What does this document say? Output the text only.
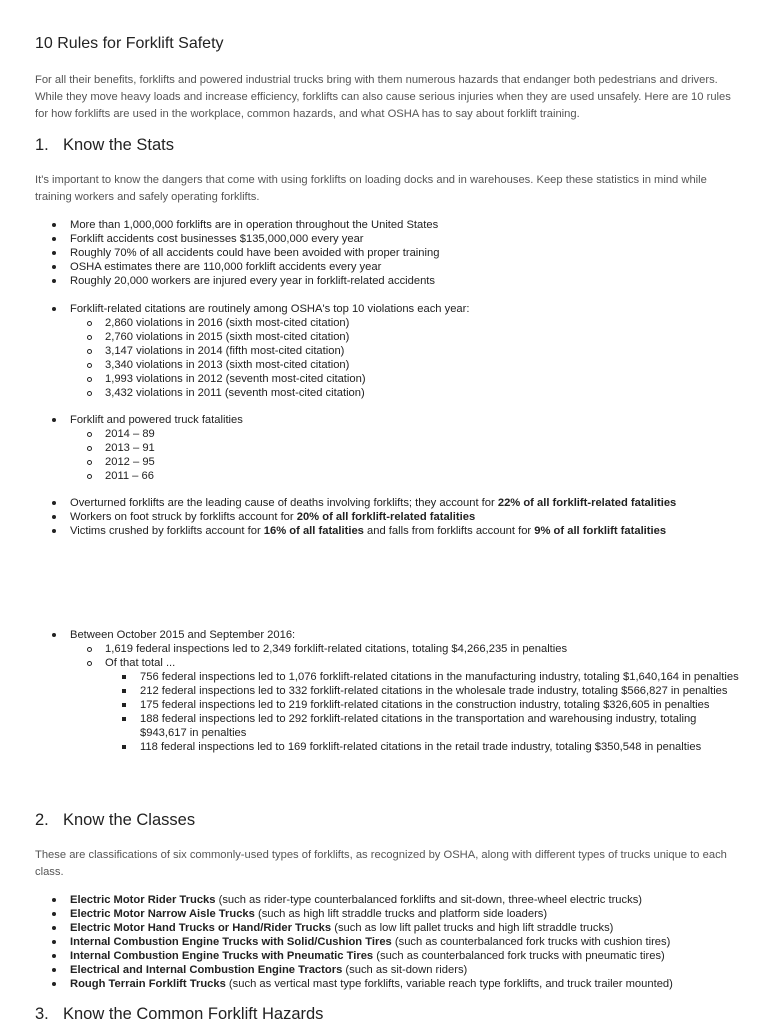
10 Rules for Forklift Safety

For all their benefits, forklifts and powered industrial trucks bring with them numerous hazards that endanger both pedestrians and drivers. While they move heavy loads and increase efficiency, forklifts can also cause serious injuries when they are used unsafely. Here are 10 rules for how forklifts are used in the workplace, common hazards, and what OSHA has to say about forklift training.

1. Know the Stats

It's important to know the dangers that come with using forklifts on loading docks and in warehouses. Keep these statistics in mind while training workers and safely operating forklifts.

More than 1,000,000 forklifts are in operation throughout the United States
Forklift accidents cost businesses $135,000,000 every year
Roughly 70% of all accidents could have been avoided with proper training
OSHA estimates there are 110,000 forklift accidents every year
Roughly 20,000 workers are injured every year in forklift-related accidents
Forklift-related citations are routinely among OSHA's top 10 violations each year:
2,860 violations in 2016 (sixth most-cited citation)
2,760 violations in 2015 (sixth most-cited citation)
3,147 violations in 2014 (fifth most-cited citation)
3,340 violations in 2013 (sixth most-cited citation)
1,993 violations in 2012 (seventh most-cited citation)
3,432 violations in 2011 (seventh most-cited citation)
Forklift and powered truck fatalities
2014 – 89
2013 – 91
2012 – 95
2011 – 66
Overturned forklifts are the leading cause of deaths involving forklifts; they account for 22% of all forklift-related fatalities
Workers on foot struck by forklifts account for 20% of all forklift-related fatalities
Victims crushed by forklifts account for 16% of all fatalities and falls from forklifts account for 9% of all forklift fatalities
Between October 2015 and September 2016:
1,619 federal inspections led to 2,349 forklift-related citations, totaling $4,266,235 in penalties
Of that total ...
756 federal inspections led to 1,076 forklift-related citations in the manufacturing industry, totaling $1,640,164 in penalties
212 federal inspections led to 332 forklift-related citations in the wholesale trade industry, totaling $566,827 in penalties
175 federal inspections led to 219 forklift-related citations in the construction industry, totaling $326,605 in penalties
188 federal inspections led to 292 forklift-related citations in the transportation and warehousing industry, totaling $943,617 in penalties
118 federal inspections led to 169 forklift-related citations in the retail trade industry, totaling $350,548 in penalties
2. Know the Classes

These are classifications of six commonly-used types of forklifts, as recognized by OSHA, along with different types of trucks unique to each class.

Electric Motor Rider Trucks (such as rider-type counterbalanced forklifts and sit-down, three-wheel electric trucks)
Electric Motor Narrow Aisle Trucks (such as high lift straddle trucks and platform side loaders)
Electric Motor Hand Trucks or Hand/Rider Trucks (such as low lift pallet trucks and high lift straddle trucks)
Internal Combustion Engine Trucks with Solid/Cushion Tires (such as counterbalanced fork trucks with cushion tires)
Internal Combustion Engine Trucks with Pneumatic Tires (such as counterbalanced fork trucks with pneumatic tires)
Electrical and Internal Combustion Engine Tractors (such as sit-down riders)
Rough Terrain Forklift Trucks (such as vertical mast type forklifts, variable reach type forklifts, and truck trailer mounted)
3. Know the Common Forklift Hazards
